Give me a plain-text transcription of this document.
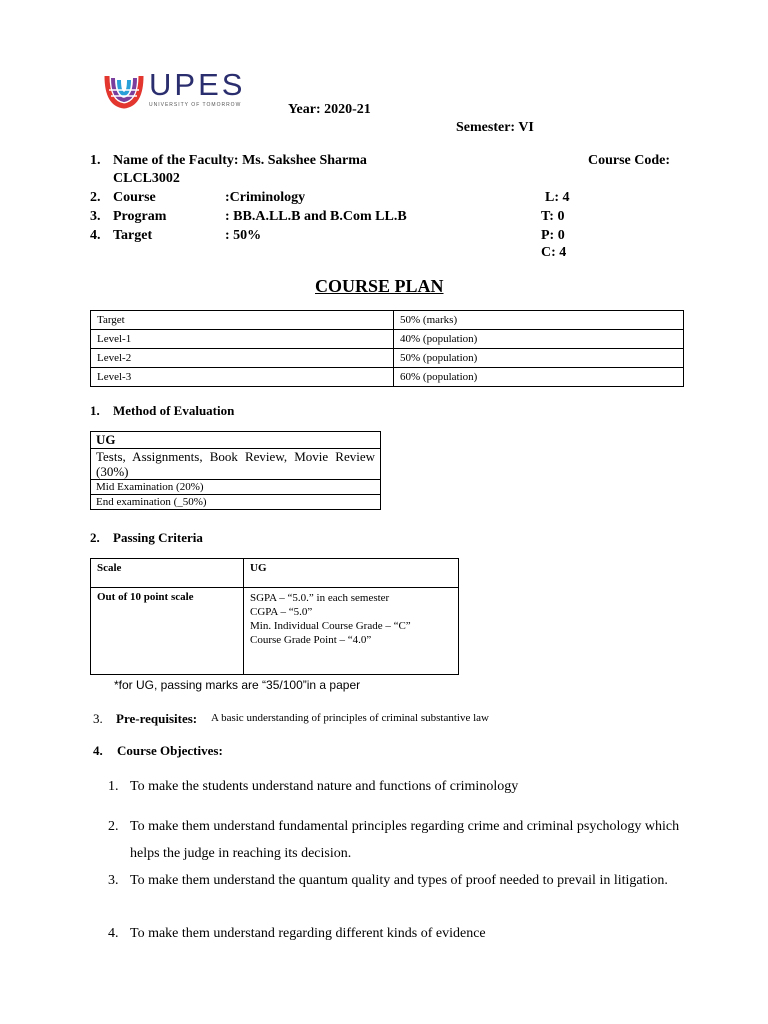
UPES
UNIVERSITY OF TOMORROW	Year: 2020-21
Semester: VI
1. Name of the Faculty: Ms. Sakshee Sharma	Course Code:
CLCL3002
2. Course	:Criminology	L: 4
3. Program	: BB.A.LL.B and B.Com LL.B	T: 0
4. Target	: 50%	P: 0
C: 4
COURSE PLAN
Target	50% (marks)
Level-1	40% (population)
Level-2	50% (population)
Level-3	60% (population)
1. Method of Evaluation
UG
Tests, Assignments, Book Review, Movie Review (30%)
Mid Examination (20%)
End examination (_50%)
2. Passing Criteria
Scale	UG
Out of 10 point scale	SGPA – “5.0.” in each semester
CGPA – “5.0”
Min. Individual Course Grade – “C”
Course Grade Point – “4.0”
*for UG, passing marks are “35/100”in a paper
3. Pre-requisites: A basic understanding of principles of criminal substantive law
4. Course Objectives:
1. To make the students understand nature and functions of criminology
2. To make them understand fundamental principles regarding crime and criminal psychology which helps the judge in reaching its decision.
3. To make them understand the quantum quality and types of proof needed to prevail in litigation.
4. To make them understand regarding different kinds of evidence
